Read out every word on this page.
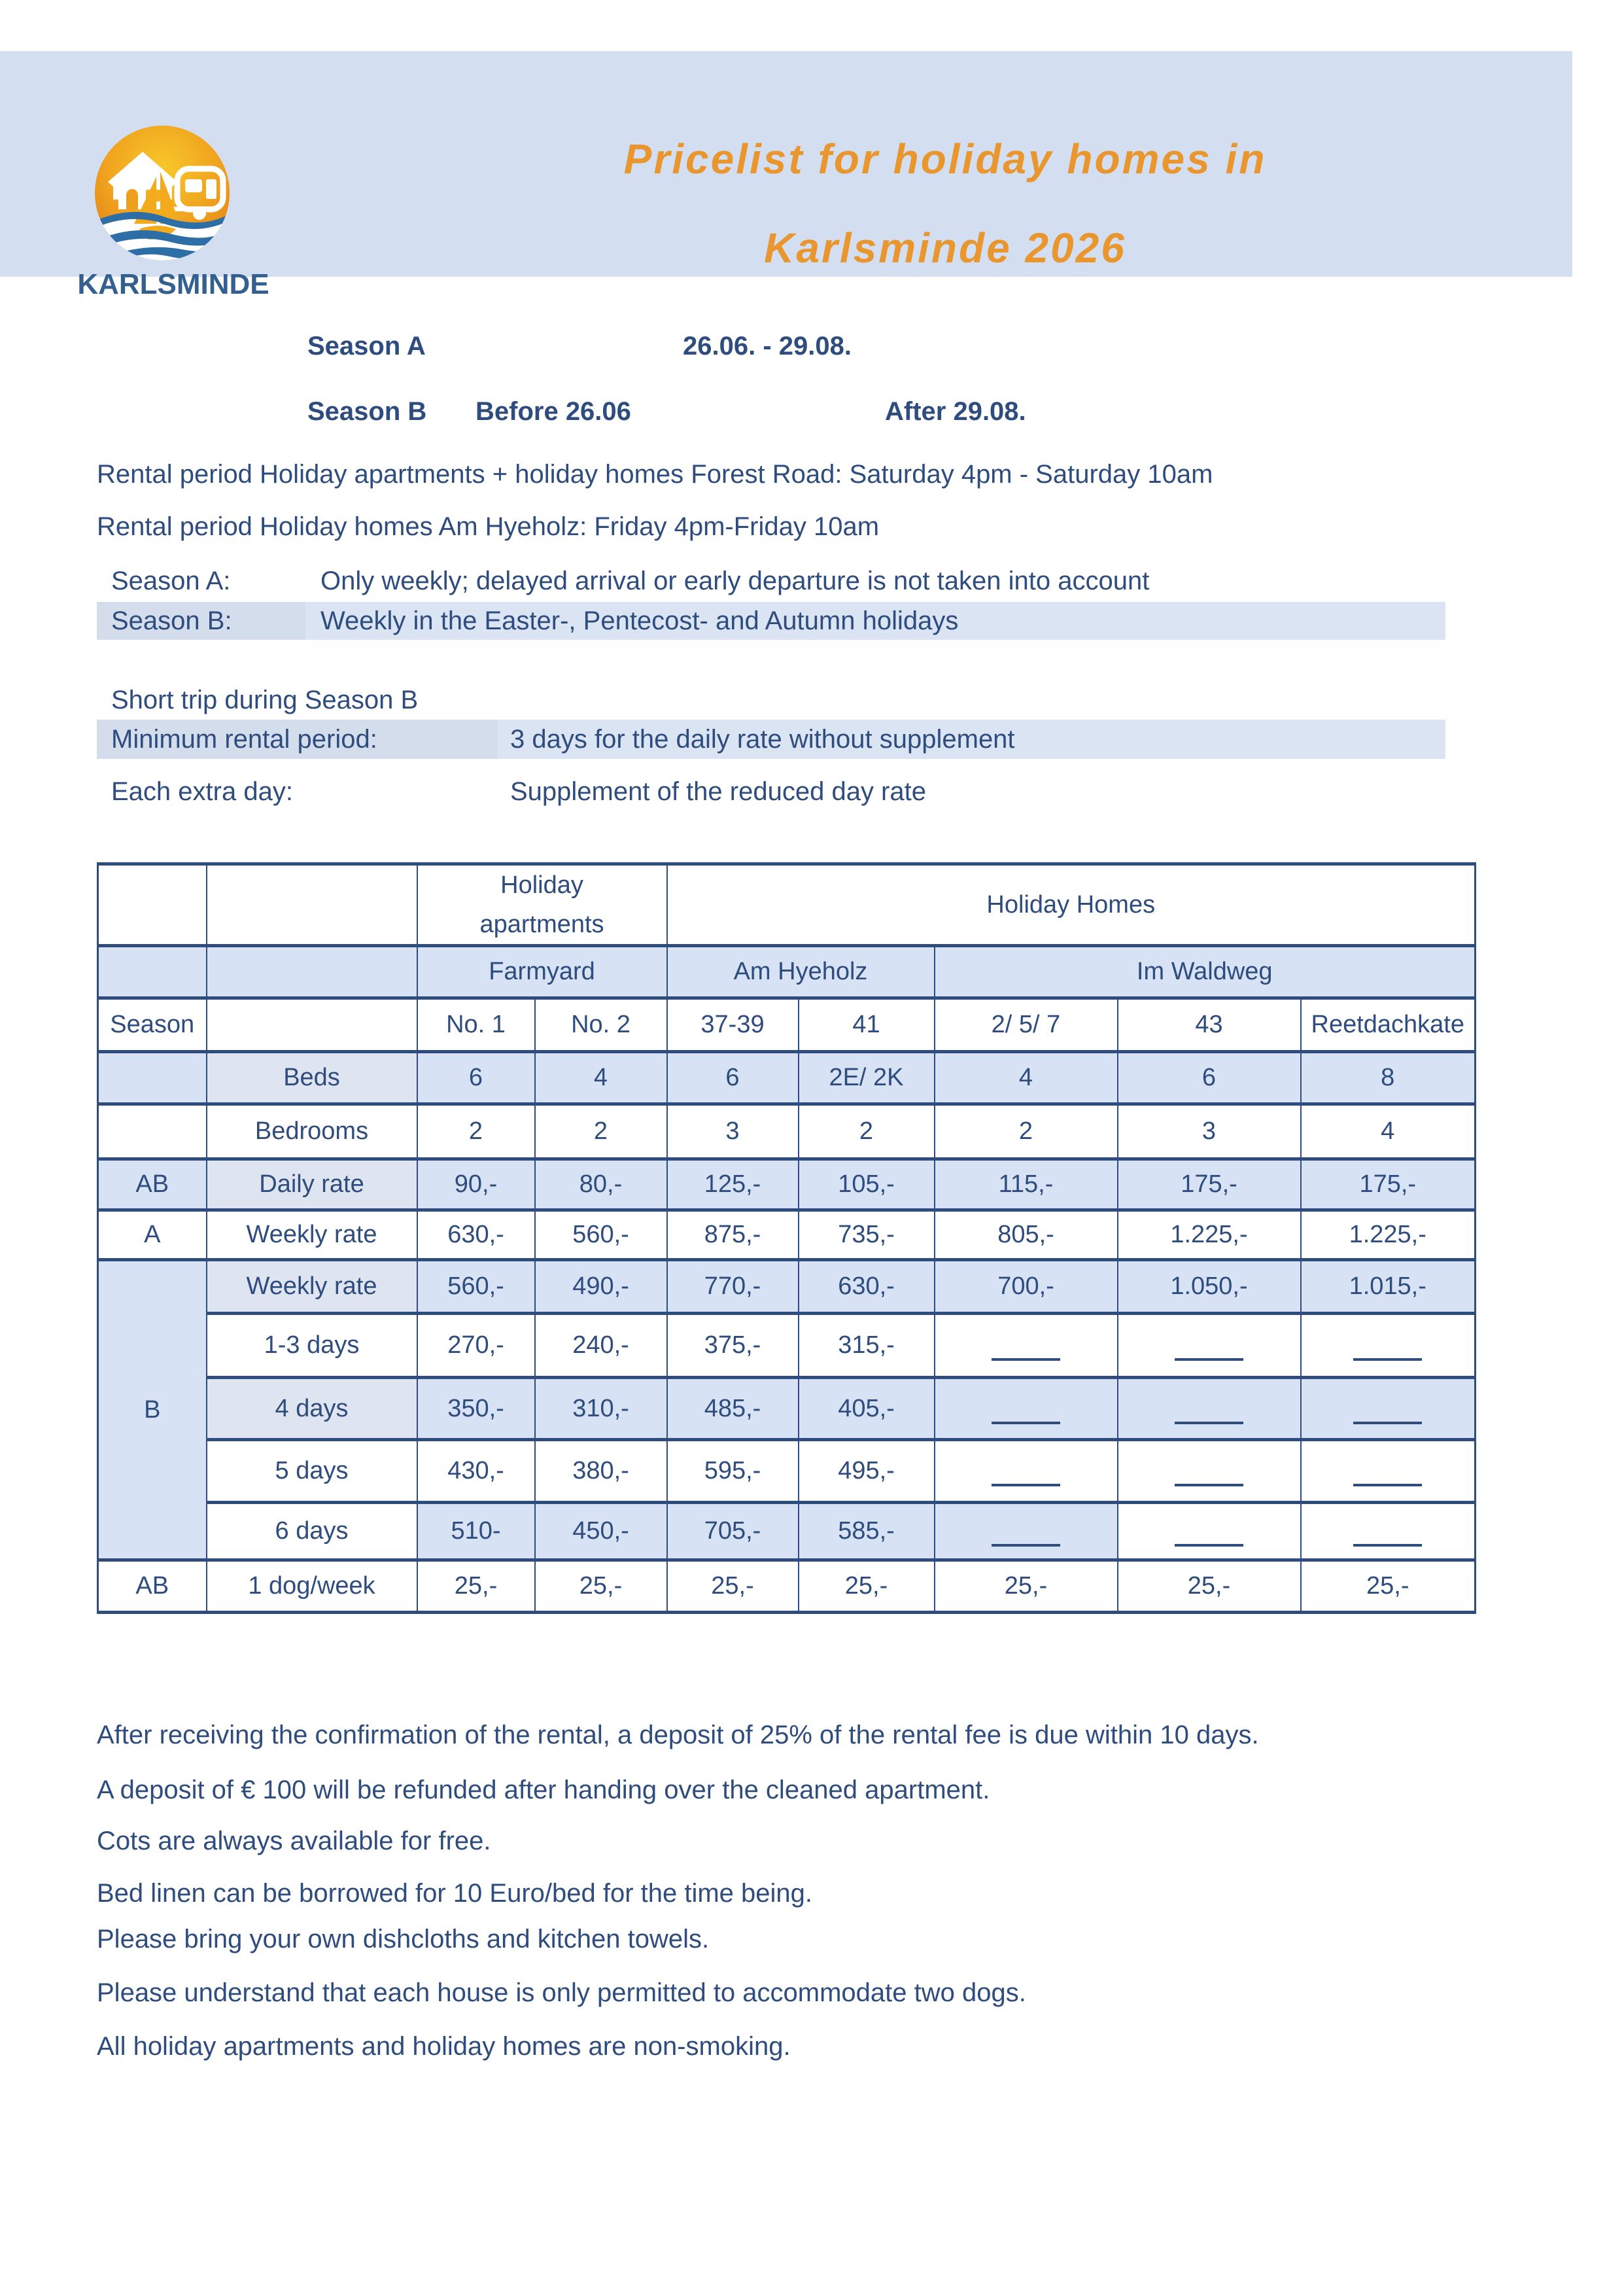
KARLSMINDE
Pricelist for holiday homes in
Karlsminde 2026
Season A	26.06. - 29.08.
Season B Before 26.06	After 29.08.
Rental period Holiday apartments + holiday homes Forest Road: Saturday 4pm - Saturday 10am
Rental period Holiday homes Am Hyeholz: Friday 4pm-Friday 10am
Season A:	Only weekly; delayed arrival or early departure is not taken into account
Season B:	Weekly in the Easter-, Pentecost- and Autumn holidays
Short trip during Season B
Minimum rental period:	3 days for the daily rate without supplement
Each extra day:	Supplement of the reduced day rate
		Holiday apartments		Holiday Homes				
		Farmyard		Am Hyeholz		Im Waldweg		
Season		No. 1	No. 2	37-39	41	2/ 5/ 7	43	Reetdachkate
	Beds	6	4	6	2E/ 2K	4	6	8
	Bedrooms	2	2	3	2	2	3	4
AB	Daily rate	90,-	80,-	125,-	105,-	115,-	175,-	175,-
A	Weekly rate	630,-	560,-	875,-	735,-	805,-	1.225,-	1.225,-
B	Weekly rate	560,-	490,-	770,-	630,-	700,-	1.050,-	1.015,-
	1-3 days	270,-	240,-	375,-	315,-			
	4 days	350,-	310,-	485,-	405,-			
	5 days	430,-	380,-	595,-	495,-			
	6 days	510-	450,-	705,-	585,-			
AB	1 dog/week	25,-	25,-	25,-	25,-	25,-	25,-	25,-
After receiving the confirmation of the rental, a deposit of 25% of the rental fee is due within 10 days.
A deposit of € 100 will be refunded after handing over the cleaned apartment.
Cots are always available for free.
Bed linen can be borrowed for 10 Euro/bed for the time being.
Please bring your own dishcloths and kitchen towels.
Please understand that each house is only permitted to accommodate two dogs.
All holiday apartments and holiday homes are non-smoking.
